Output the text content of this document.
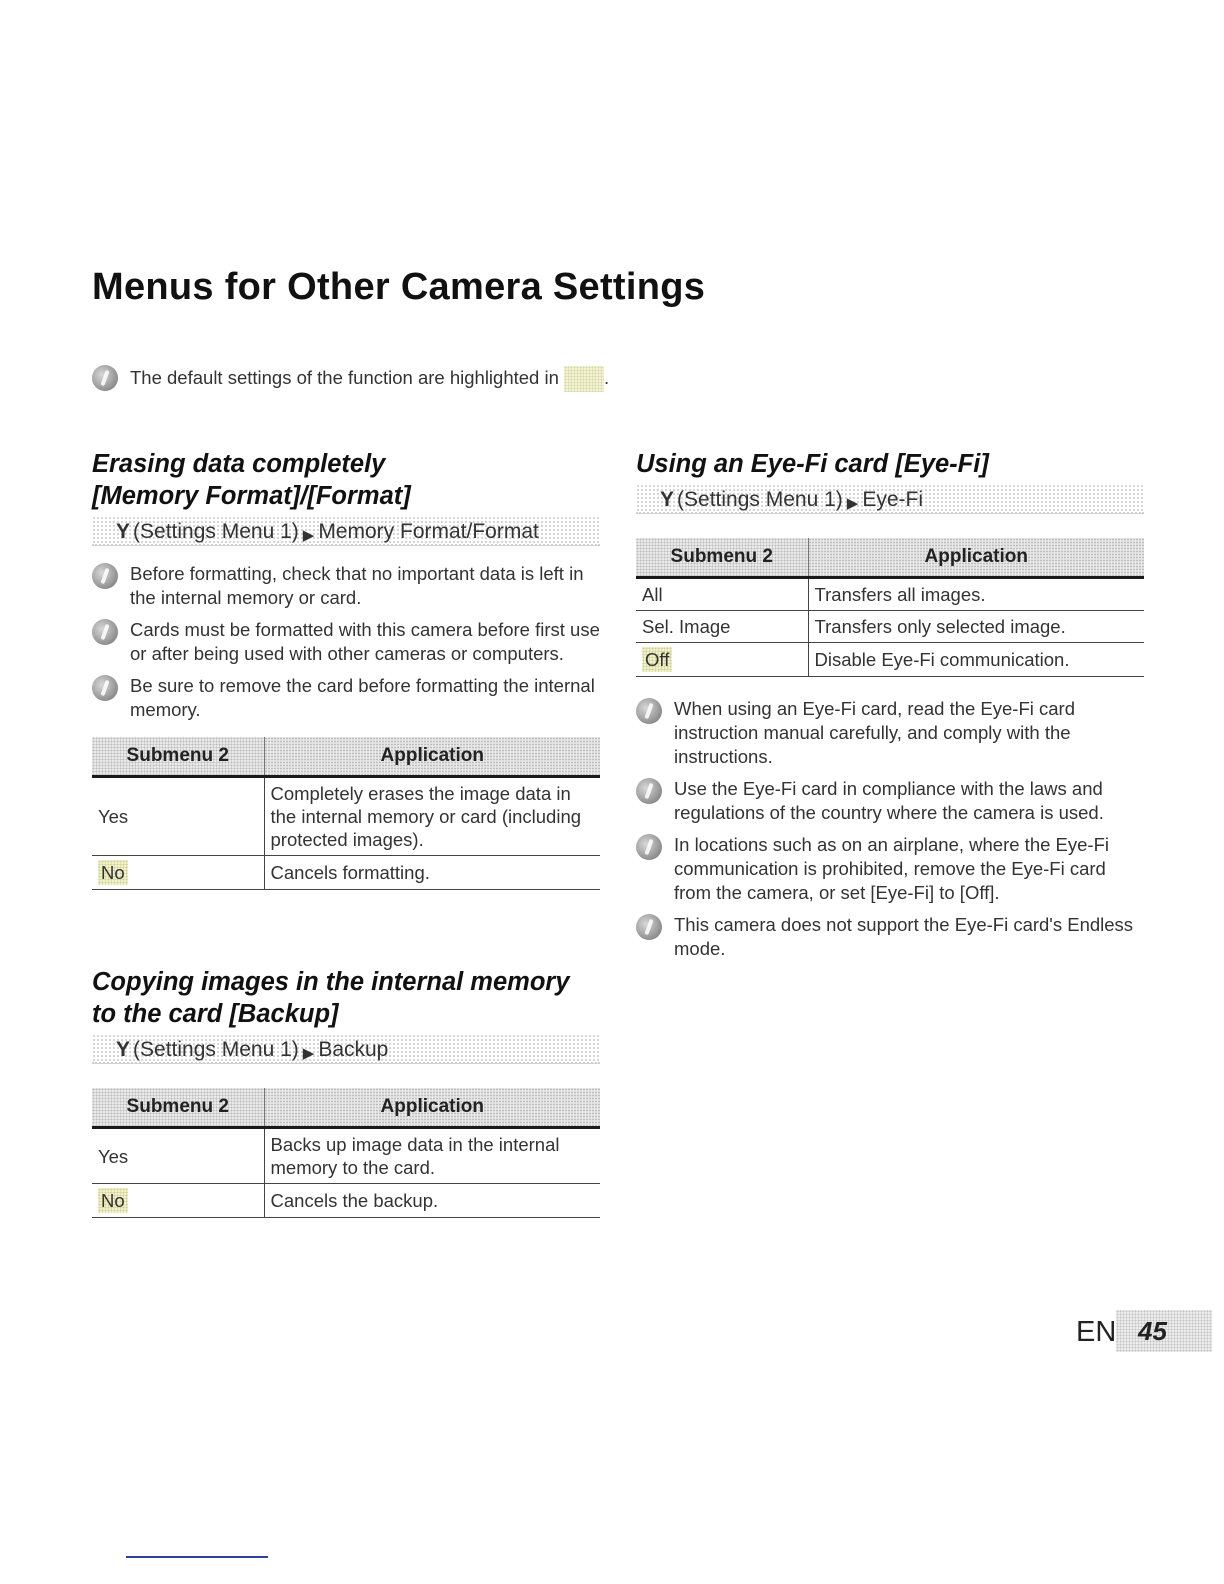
Menus for Other Camera Settings
The default settings of the function are highlighted in .
Erasing data completely
[Memory Format]/[Format]
Y (Settings Menu 1) ▶ Memory Format/Format
Before formatting, check that no important data is left in the internal memory or card.
Cards must be formatted with this camera before first use or after being used with other cameras or computers.
Be sure to remove the card before formatting the internal memory.
Submenu 2	Application
Yes	Completely erases the image data in the internal memory or card (including protected images).
No	Cancels formatting.
Copying images in the internal memory
to the card [Backup]
Y (Settings Menu 1) ▶ Backup
Submenu 2	Application
Yes	Backs up image data in the internal memory to the card.
No	Cancels the backup.
Using an Eye-Fi card [Eye-Fi]
Y (Settings Menu 1) ▶ Eye-Fi
Submenu 2	Application
All	Transfers all images.
Sel. Image	Transfers only selected image.
Off	Disable Eye-Fi communication.
When using an Eye-Fi card, read the Eye-Fi card instruction manual carefully, and comply with the instructions.
Use the Eye-Fi card in compliance with the laws and regulations of the country where the camera is used.
In locations such as on an airplane, where the Eye-Fi communication is prohibited, remove the Eye-Fi card from the camera, or set [Eye-Fi] to [Off].
This camera does not support the Eye-Fi card's Endless mode.
EN 45
